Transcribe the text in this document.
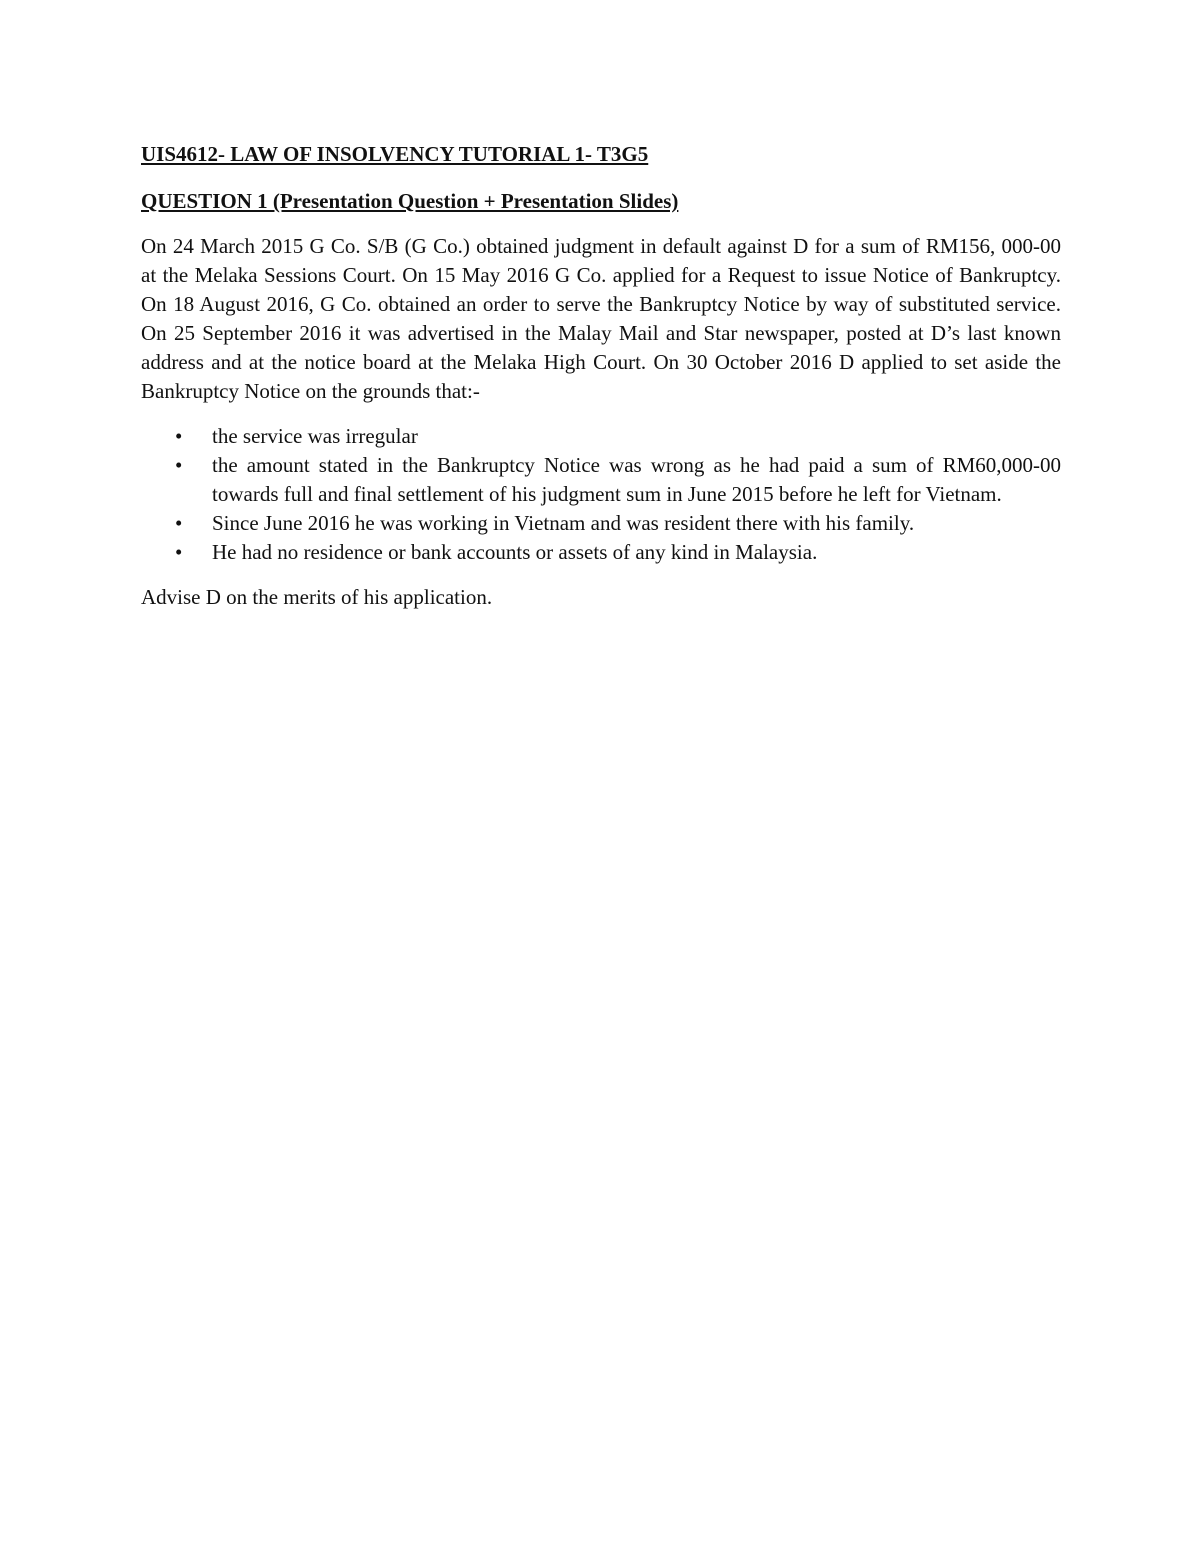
UIS4612- LAW OF INSOLVENCY TUTORIAL 1- T3G5

QUESTION 1 (Presentation Question + Presentation Slides)

On 24 March 2015 G Co. S/B (G Co.) obtained judgment in default against D for a sum of RM156, 000-00 at the Melaka Sessions Court. On 15 May 2016 G Co. applied for a Request to issue Notice of Bankruptcy. On 18 August 2016, G Co. obtained an order to serve the Bankruptcy Notice by way of substituted service. On 25 September 2016 it was advertised in the Malay Mail and Star newspaper, posted at D’s last known address and at the notice board at the Melaka High Court. On 30 October 2016 D applied to set aside the Bankruptcy Notice on the grounds that:-

• the service was irregular
• the amount stated in the Bankruptcy Notice was wrong as he had paid a sum of RM60,000-00 towards full and final settlement of his judgment sum in June 2015 before he left for Vietnam.
• Since June 2016 he was working in Vietnam and was resident there with his family.
• He had no residence or bank accounts or assets of any kind in Malaysia.

Advise D on the merits of his application.
